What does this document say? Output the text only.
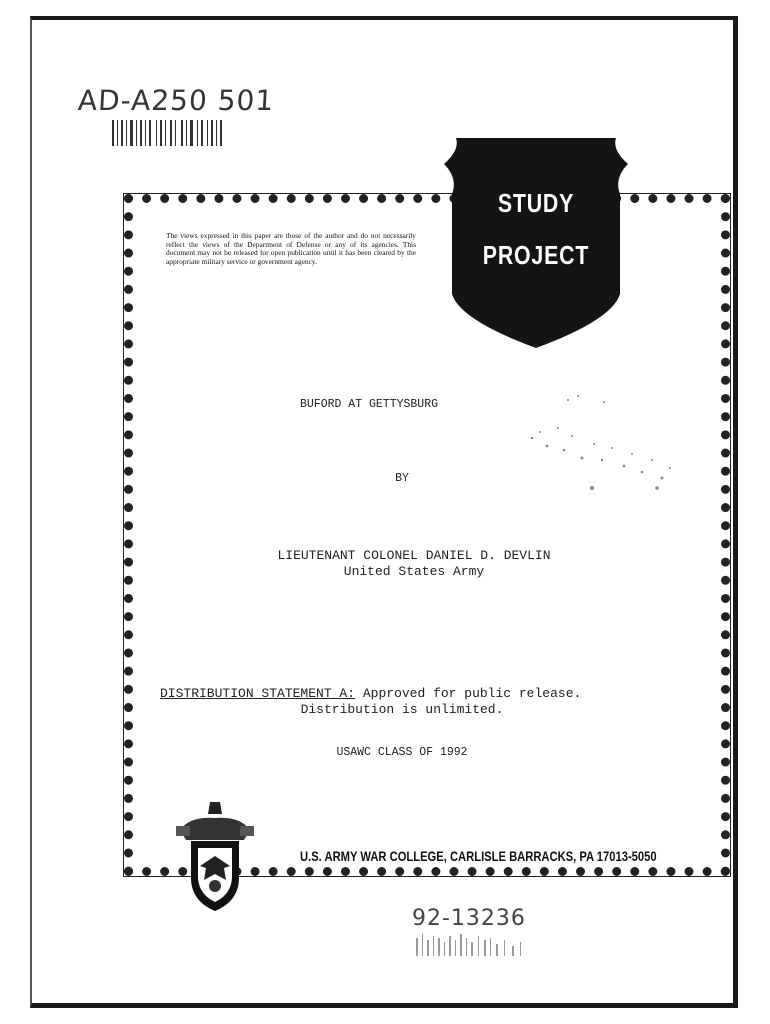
AD-A250 501
The views expressed in this paper are those of the author and do not necessarily reflect the views of the Department of Defense or any of its agencies. This document may not be released for open publication until it has been cleared by the appropriate military service or government agency.
STUDY
PROJECT
BUFORD AT GETTYSBURG
BY
LIEUTENANT COLONEL DANIEL D. DEVLIN
United States Army
DISTRIBUTION STATEMENT A: Approved for public release.
Distribution is unlimited.
USAWC CLASS OF 1992
U.S. ARMY WAR COLLEGE, CARLISLE BARRACKS, PA 17013-5050
92-13236
